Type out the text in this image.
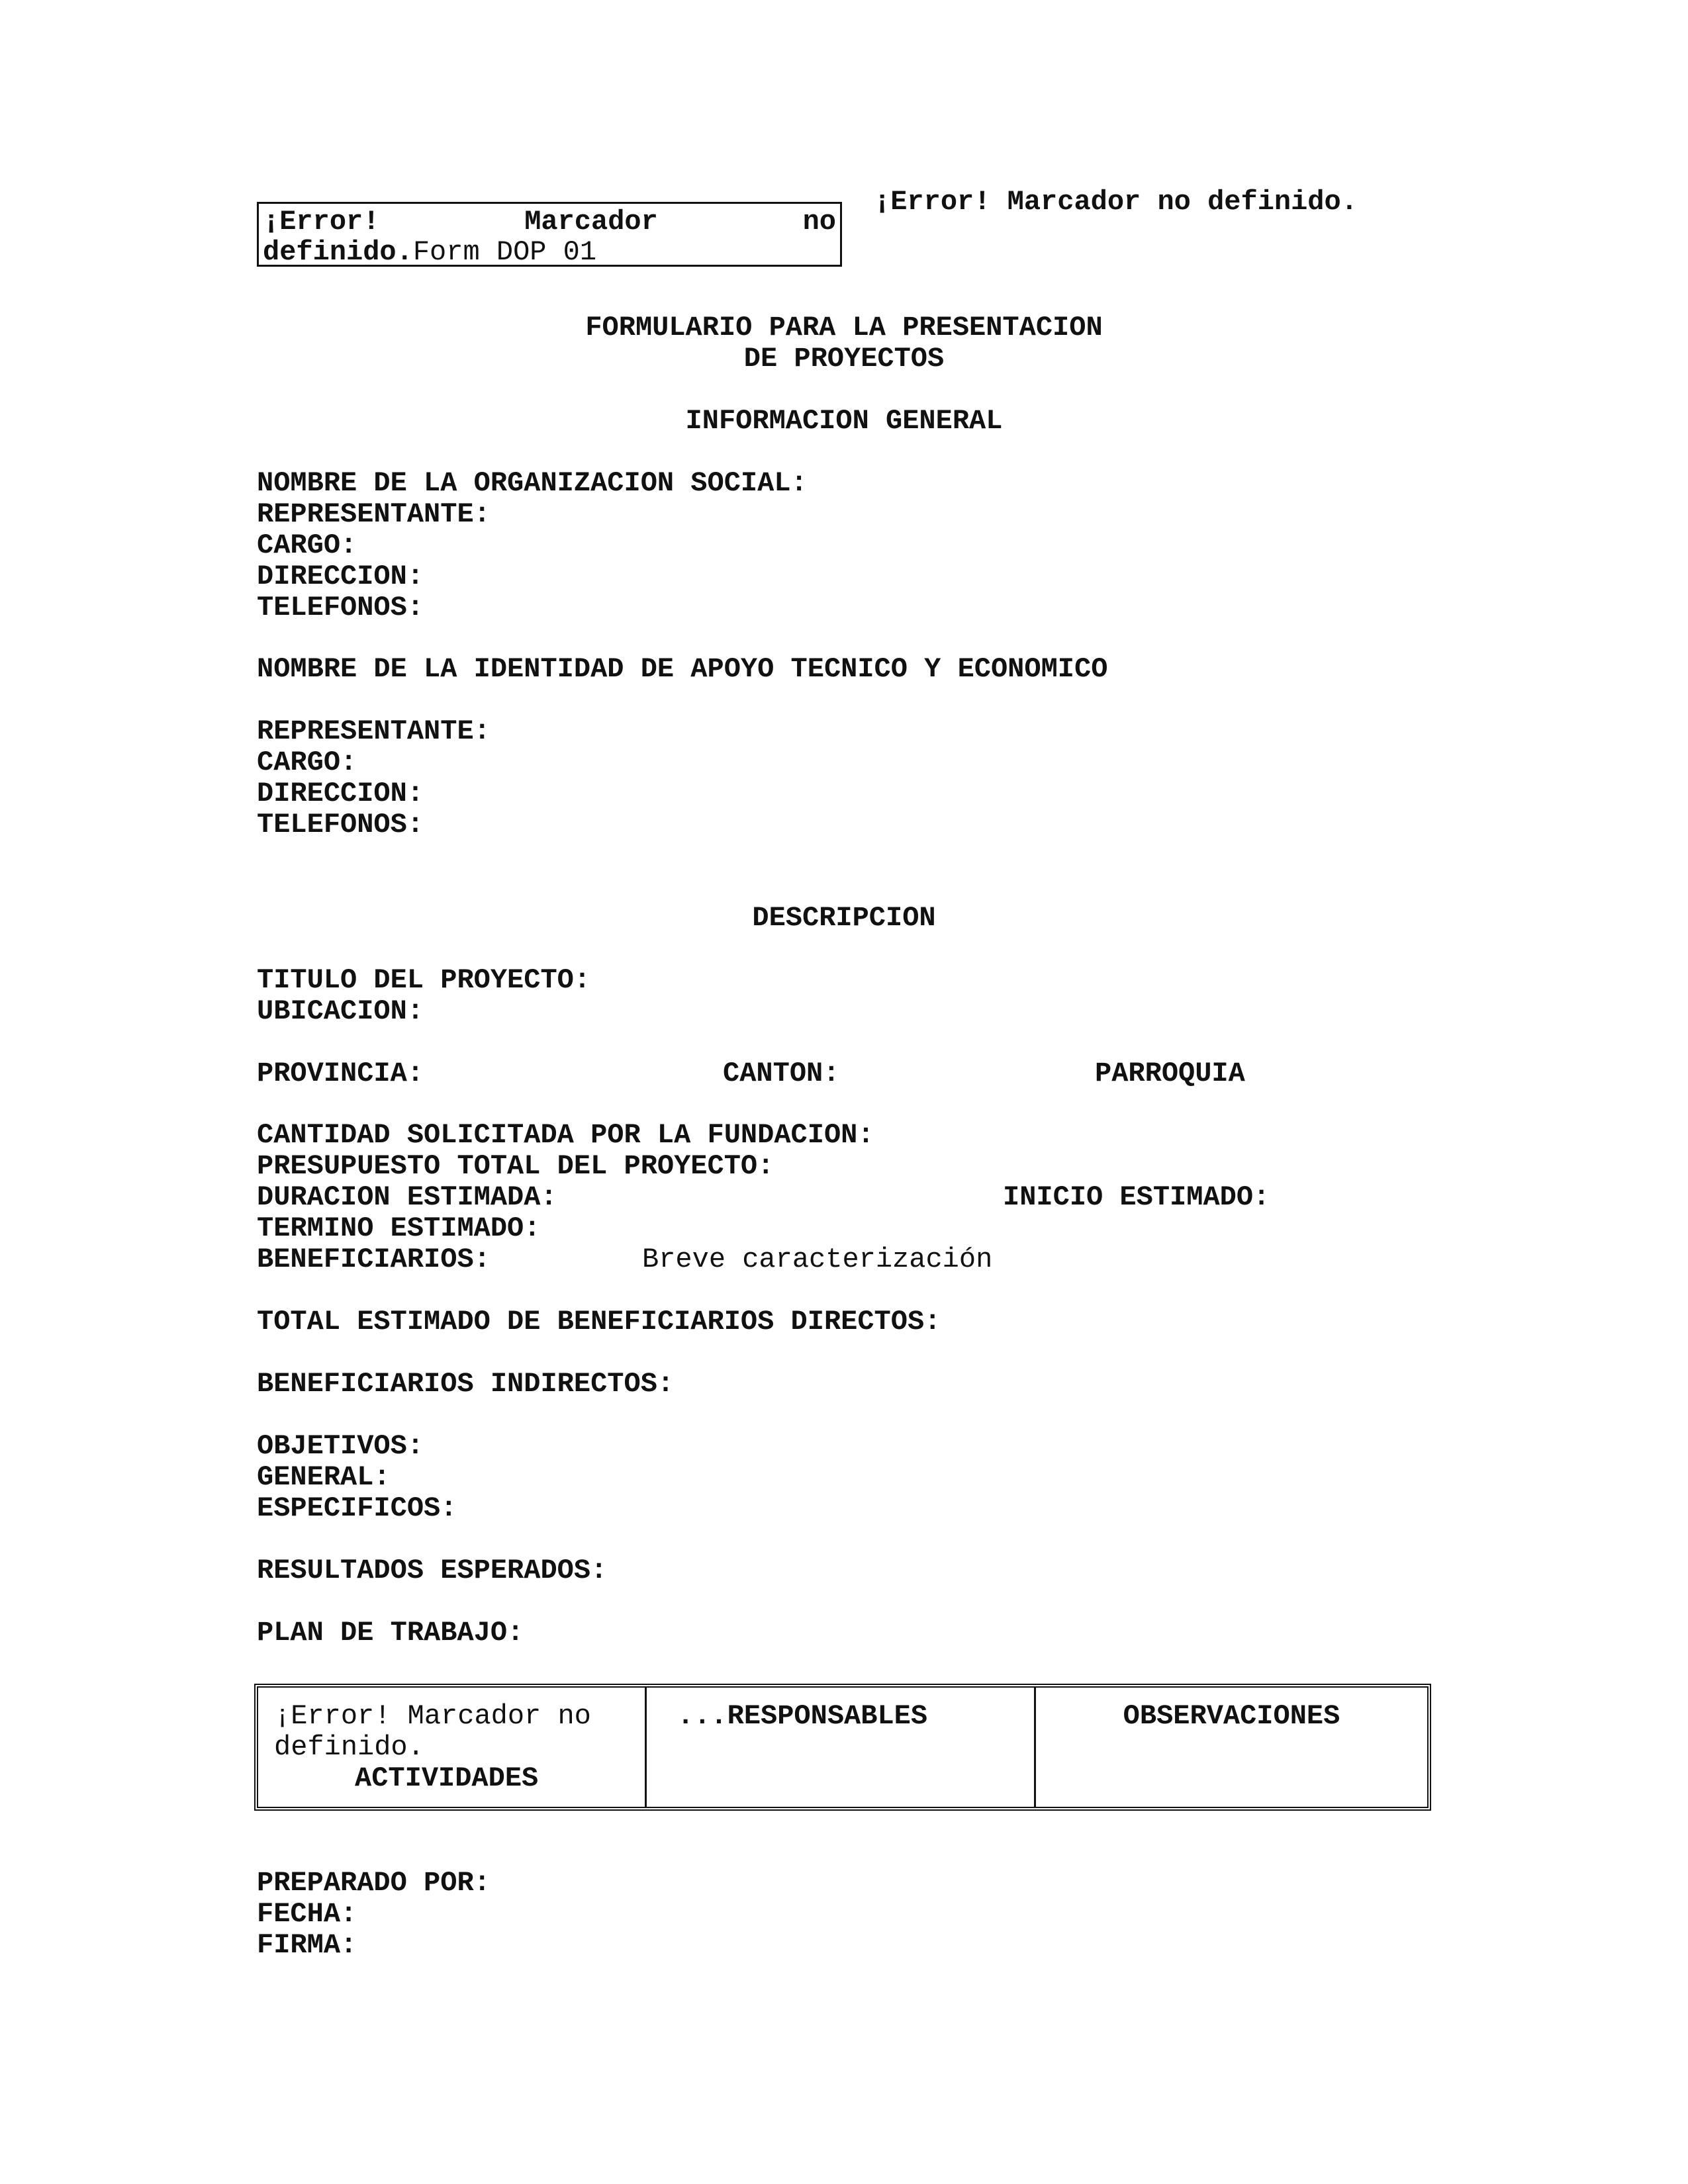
¡Error!	Marcador	no
definido.Form DOP 01
¡Error! Marcador no definido.
FORMULARIO PARA LA PRESENTACION
DE PROYECTOS
INFORMACION GENERAL
NOMBRE DE LA ORGANIZACION SOCIAL:
REPRESENTANTE:
CARGO:
DIRECCION:
TELEFONOS:
NOMBRE DE LA IDENTIDAD DE APOYO TECNICO Y ECONOMICO
REPRESENTANTE:
CARGO:
DIRECCION:
TELEFONOS:
DESCRIPCION
TITULO DEL PROYECTO:
UBICACION:
PROVINCIA:	CANTON:	PARROQUIA
CANTIDAD SOLICITADA POR LA FUNDACION:
PRESUPUESTO TOTAL DEL PROYECTO:
DURACION ESTIMADA:	INICIO ESTIMADO:
TERMINO ESTIMADO:
BENEFICIARIOS:	Breve caracterización
TOTAL ESTIMADO DE BENEFICIARIOS DIRECTOS:
BENEFICIARIOS INDIRECTOS:
OBJETIVOS:
GENERAL:
ESPECIFICOS:
RESULTADOS ESPERADOS:
PLAN DE TRABAJO:
¡Error! Marcador no
definido.
ACTIVIDADES
...RESPONSABLES	OBSERVACIONES
PREPARADO POR:
FECHA:
FIRMA:
